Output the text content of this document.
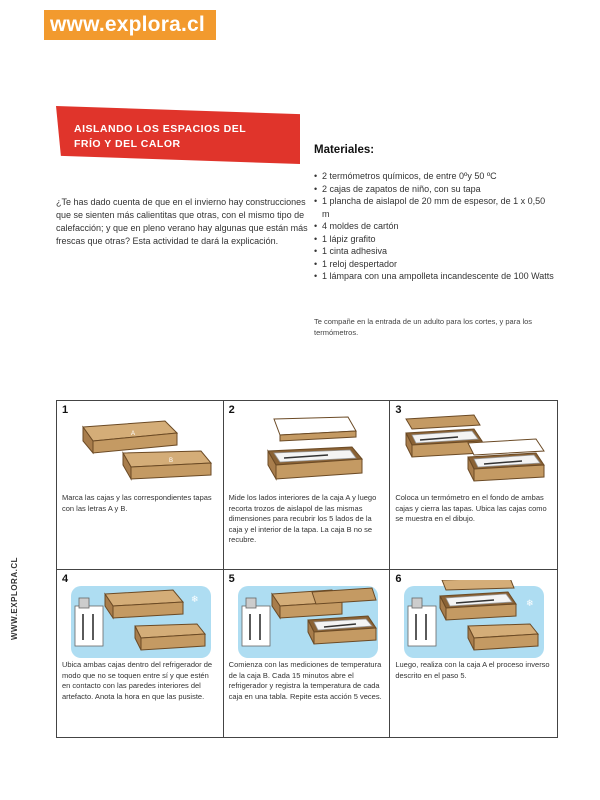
www.explora.cl
WWW.EXPLORA.CL
AISLANDO LOS ESPACIOS DEL
FRÍO Y DEL CALOR

¿Te has dado cuenta de que en el invierno hay construcciones que se sienten más calientitas que otras, con el mismo tipo de calefacción; y que en pleno verano hay algunas que están más frescas que otras? Esta actividad te dará la explicación.

Materiales:
• 2 termómetros químicos, de entre 0ºy 50 ºC
• 2 cajas de zapatos de niño, con su tapa
• 1 plancha de aislapol de 20 mm de espesor, de 1 x 0,50 m
• 4 moldes de cartón
• 1 lápiz grafito
• 1 cinta adhesiva
• 1 reloj despertador
• 1 lámpara con una ampolleta incandescente de 100 Watts

Te compañe en la entrada de un adulto para los cortes, y para los termómetros.

1
A
B

Marca las cajas y las correspondientes tapas con las letras A y B.

2

Mide los lados interiores de la caja A y luego recorta trozos de aislapol de las mismas dimensiones para recubrir los 5 lados de la caja y el interior de la tapa. La caja B no se recubre.

3

Coloca un termómetro en el fondo de ambas cajas y cierra las tapas. Ubica las cajas como se muestra en el dibujo.

4
❄

Ubica ambas cajas dentro del refrigerador de modo que no se toquen entre sí y que estén en contacto con las paredes interiores del artefacto. Anota la hora en que las pusiste.

5

Comienza con las mediciones de temperatura de la caja B. Cada 15 minutos abre el refrigerador y registra la temperatura de cada caja en una tabla. Repite esta acción 5 veces.

6
❄

Luego, realiza con la caja A el proceso inverso descrito en el paso 5.
